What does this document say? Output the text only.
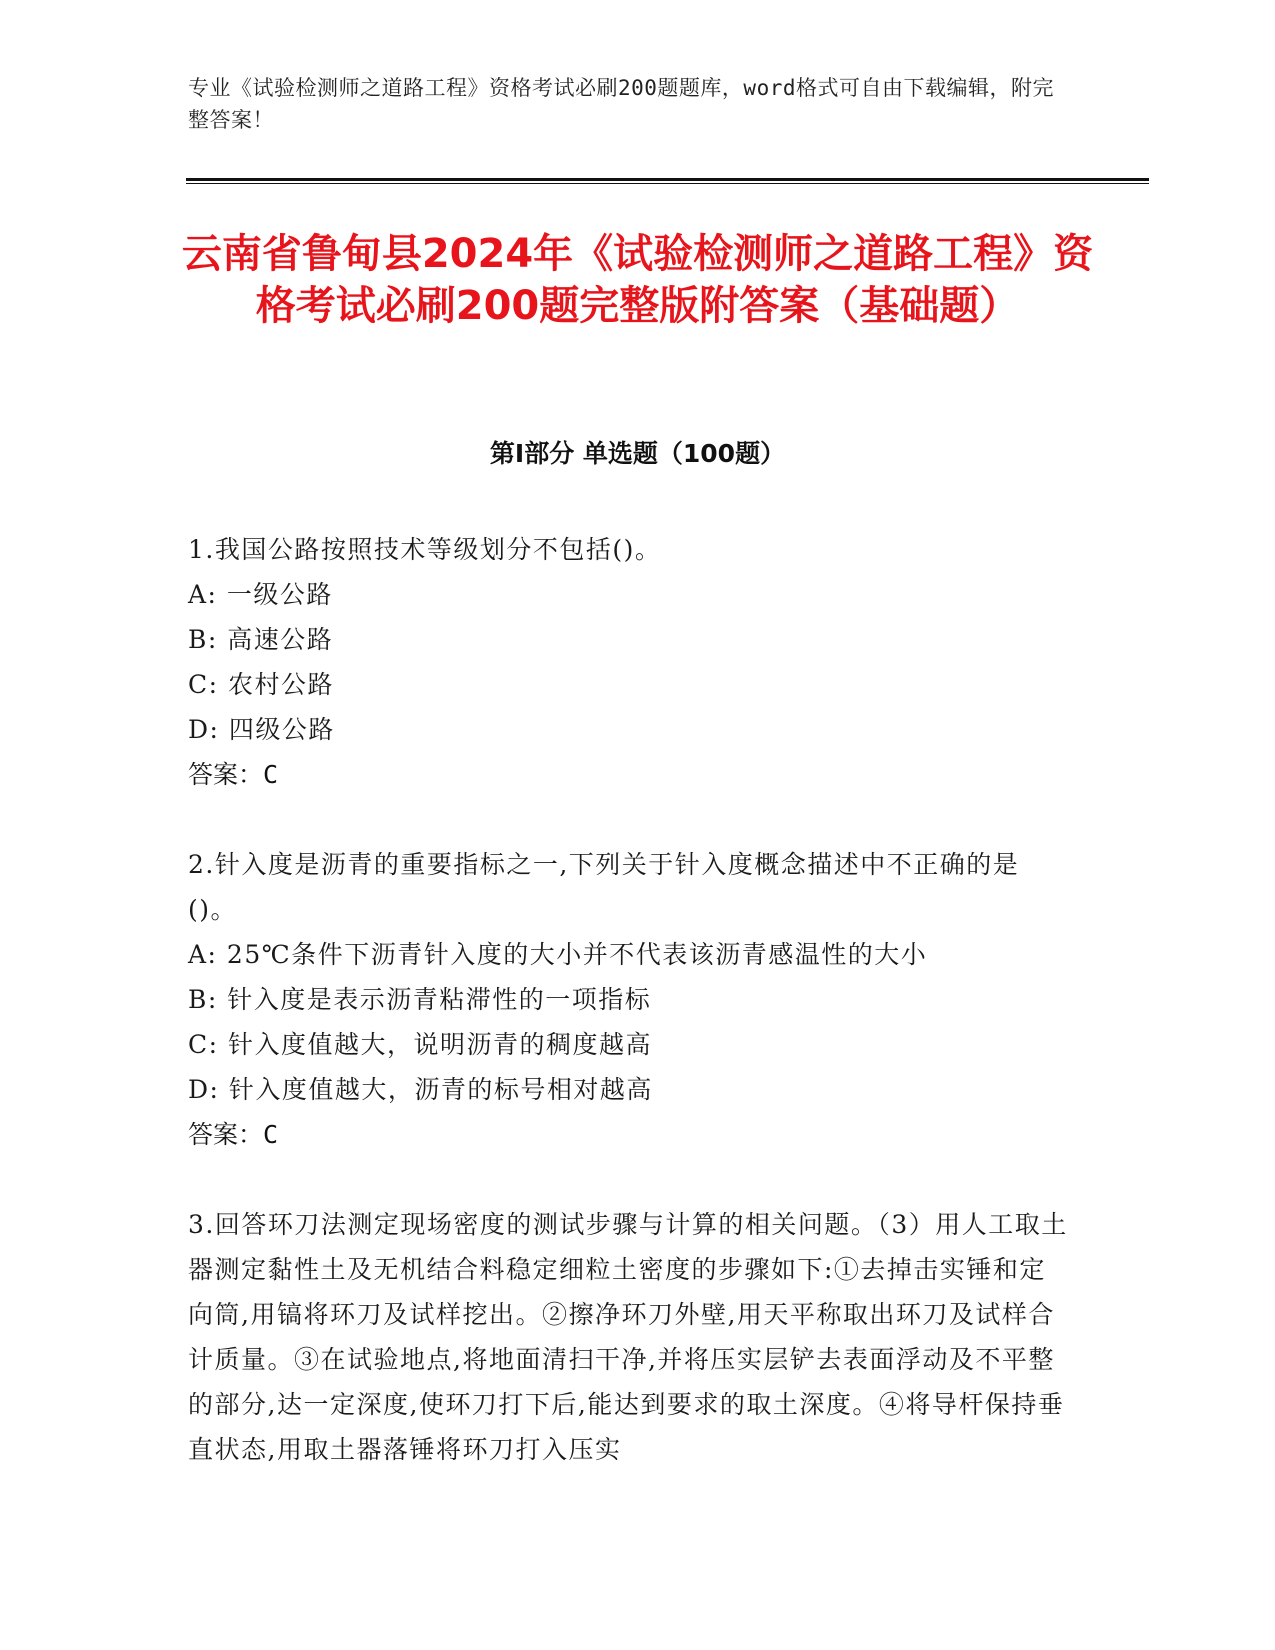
专业《试验检测师之道路工程》资格考试必刷200题题库，word格式可自由下载编辑，附完整答案！
云南省鲁甸县2024年《试验检测师之道路工程》资格考试必刷200题完整版附答案（基础题）
第Ⅰ部分 单选题（100题）

1.我国公路按照技术等级划分不包括()。

A: 一级公路

B: 高速公路

C: 农村公路

D: 四级公路

答案：C

2.针入度是沥青的重要指标之一,下列关于针入度概念描述中不正确的是()。

A: 25℃条件下沥青针入度的大小并不代表该沥青感温性的大小

B: 针入度是表示沥青粘滞性的一项指标

C: 针入度值越大，说明沥青的稠度越高

D: 针入度值越大，沥青的标号相对越高

答案：C

3.回答环刀法测定现场密度的测试步骤与计算的相关问题。（3）用人工取土器测定黏性土及无机结合料稳定细粒土密度的步骤如下:①去掉击实锤和定向筒,用镐将环刀及试样挖出。②擦净环刀外壁,用天平称取出环刀及试样合计质量。③在试验地点,将地面清扫干净,并将压实层铲去表面浮动及不平整的部分,达一定深度,使环刀打下后,能达到要求的取土深度。④将导杆保持垂直状态,用取土器落锤将环刀打入压实
